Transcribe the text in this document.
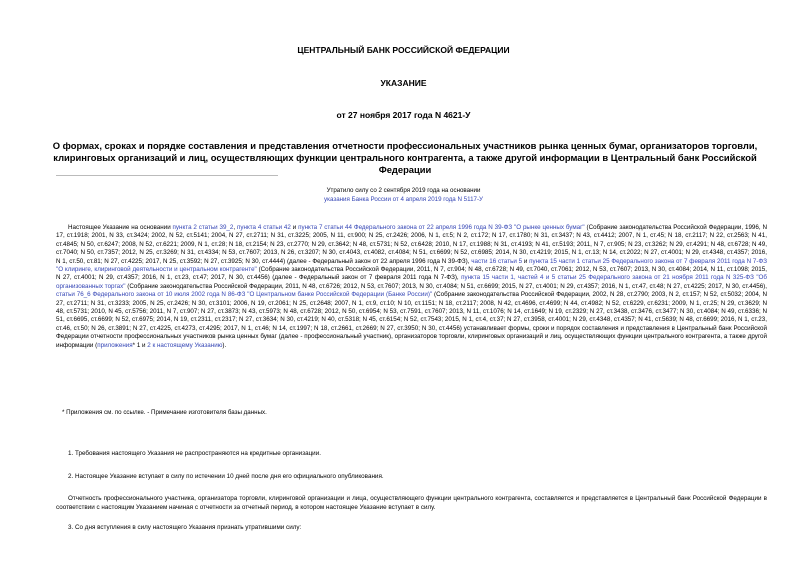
ЦЕНТРАЛЬНЫЙ БАНК РОССИЙСКОЙ ФЕДЕРАЦИИ
УКАЗАНИЕ
от 27 ноября 2017 года N 4621-У
О формах, сроках и порядке составления и представления отчетности профессиональных участников рынка ценных бумаг, организаторов торговли, клиринговых организаций и лиц, осуществляющих функции центрального контрагента, а также другой информации в Центральный банк Российской Федерации
Утратило силу со 2 сентября 2019 года на основании
указания Банка России от 4 апреля 2019 года N 5117-У
Настоящее Указание на основании пункта 2 статьи 39_2, пункта 4 статьи 42 и пункта 7 статьи 44 Федерального закона от 22 апреля 1996 года N 39-ФЗ "О рынке ценных бумаг" (Собрание законодательства Российской Федерации, 1996, N 17, ст.1918; 2001, N 33, ст.3424; 2002, N 52, ст.5141; 2004, N 27, ст.2711; N 31, ст.3225; 2005, N 11, ст.900; N 25, ст.2426; 2006, N 1, ст.5; N 2, ст.172; N 17, ст.1780; N 31, ст.3437; N 43, ст.4412; 2007, N 1, ст.45; N 18, ст.2117; N 22, ст.2563; N 41, ст.4845; N 50, ст.6247; 2008, N 52, ст.6221; 2009, N 1, ст.28; N 18, ст.2154; N 23, ст.2770; N 29, ст.3642; N 48, ст.5731; N 52, ст.6428; 2010, N 17, ст.1988; N 31, ст.4193; N 41, ст.5193; 2011, N 7, ст.905; N 23, ст.3262; N 29, ст.4291; N 48, ст.6728; N 49, ст.7040; N 50, ст.7357; 2012, N 25, ст.3269; N 31, ст.4334; N 53, ст.7607; 2013, N 26, ст.3207; N 30, ст.4043, ст.4082, ст.4084; N 51, ст.6699; N 52, ст.6985; 2014, N 30, ст.4219; 2015, N 1, ст.13; N 14, ст.2022; N 27, ст.4001; N 29, ст.4348, ст.4357; 2016, N 1, ст.50, ст.81; N 27, ст.4225; 2017, N 25, ст.3592; N 27, ст.3925; N 30, ст.4444) (далее - Федеральный закон от 22 апреля 1996 года N 39-ФЗ), части 16 статьи 5 и пункта 15 части 1 статьи 25 Федерального закона от 7 февраля 2011 года N 7-ФЗ "О клиринге, клиринговой деятельности и центральном контрагенте" (Собрание законодательства Российской Федерации, 2011, N 7, ст.904; N 48, ст.6728; N 49, ст.7040, ст.7061; 2012, N 53, ст.7607; 2013, N 30, ст.4084; 2014, N 11, ст.1098; 2015, N 27, ст.4001; N 29, ст.4357; 2016, N 1, ст.23, ст.47; 2017, N 30, ст.4456) (далее - Федеральный закон от 7 февраля 2011 года N 7-ФЗ), пункта 15 части 1, частей 4 и 5 статьи 25 Федерального закона от 21 ноября 2011 года N 325-ФЗ "Об организованных торгах" (Собрание законодательства Российской Федерации, 2011, N 48, ст.6726; 2012, N 53, ст.7607; 2013, N 30, ст.4084; N 51, ст.6699; 2015, N 27, ст.4001; N 29, ст.4357; 2016, N 1, ст.47, ст.48; N 27, ст.4225; 2017, N 30, ст.4456), статьи 76_6 Федерального закона от 10 июля 2002 года N 86-ФЗ "О Центральном банке Российской Федерации (Банке России)" (Собрание законодательства Российской Федерации, 2002, N 28, ст.2790; 2003, N 2, ст.157; N 52, ст.5032; 2004, N 27, ст.2711; N 31, ст.3233; 2005, N 25, ст.2426; N 30, ст.3101; 2006, N 19, ст.2061; N 25, ст.2648; 2007, N 1, ст.9, ст.10; N 10, ст.1151; N 18, ст.2117; 2008, N 42, ст.4696, ст.4699; N 44, ст.4982; N 52, ст.6229, ст.6231; 2009, N 1, ст.25; N 29, ст.3629; N 48, ст.5731; 2010, N 45, ст.5756; 2011, N 7, ст.907; N 27, ст.3873; N 43, ст.5973; N 48, ст.6728; 2012, N 50, ст.6954; N 53, ст.7591, ст.7607; 2013, N 11, ст.1076; N 14, ст.1649; N 19, ст.2329; N 27, ст.3438, ст.3476, ст.3477; N 30, ст.4084; N 49, ст.6336; N 51, ст.6695, ст.6699; N 52, ст.6975; 2014, N 19, ст.2311, ст.2317; N 27, ст.3634; N 30, ст.4219; N 40, ст.5318; N 45, ст.6154; N 52, ст.7543; 2015, N 1, ст.4, ст.37; N 27, ст.3958, ст.4001; N 29, ст.4348, ст.4357; N 41, ст.5639; N 48, ст.6699; 2016, N 1, ст.23, ст.46, ст.50; N 26, ст.3891; N 27, ст.4225, ст.4273, ст.4295; 2017, N 1, ст.46; N 14, ст.1997; N 18, ст.2661, ст.2669; N 27, ст.3950; N 30, ст.4456) устанавливает формы, сроки и порядок составления и представления в Центральный банк Российской Федерации отчетности профессиональных участников рынка ценных бумаг (далее - профессиональный участник), организаторов торговли, клиринговых организаций и лиц, осуществляющих функции центрального контрагента, а также другой информации (приложения* 1 и 2 к настоящему Указанию).
* Приложения см. по ссылке. - Примечание изготовителя базы данных.
1. Требования настоящего Указания не распространяются на кредитные организации.
2. Настоящее Указание вступает в силу по истечении 10 дней после дня его официального опубликования.
Отчетность профессионального участника, организатора торговли, клиринговой организации и лица, осуществляющего функции центрального контрагента, составляется и представляется в Центральный банк Российской Федерации в соответствии с настоящим Указанием начиная с отчетности за отчетный период, в котором настоящее Указание вступает в силу.
3. Со дня вступления в силу настоящего Указания признать утратившими силу:
